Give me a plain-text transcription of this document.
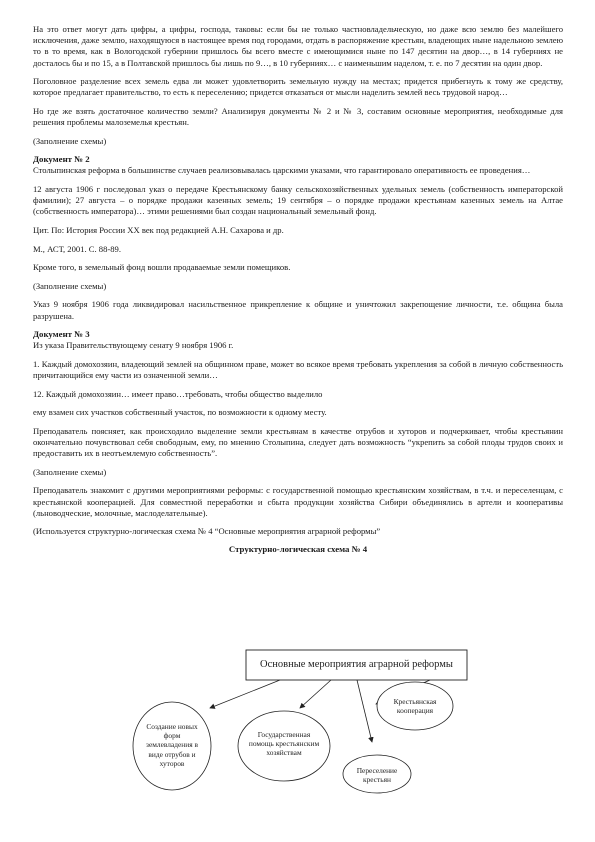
На это ответ могут дать цифры, а цифры, господа, таковы: если бы не только частновладельческую, но даже всю землю без малейшего исключения, даже землю, находящуюся в настоящее время под городами, отдать в распоряжение крестьян, владеющих ныне надельною землею то в то время, как в Вологодской губернии пришлось бы всего вместе с имеющимися ныне по 147 десятин на двор…, в 14 губерниях не досталось бы и по 15, а в Полтавской пришлось бы лишь по 9…, в 10 губерниях… с наименьшим наделом, т. е. по 7 десятин на один двор.

Поголовное разделение всех земель едва ли может удовлетворить земельную нужду на местах; придется прибегнуть к тому же средству, которое предлагает правительство, то есть к переселению; придется отказаться от мысли наделить землей весь трудовой народ…

Но где же взять достаточное количество земли? Анализируя документы № 2 и № 3, составим основные мероприятия, необходимые для решения проблемы малоземелья крестьян.

(Заполнение схемы)

Документ № 2

Столыпинская реформа в большинстве случаев реализовывалась царскими указами, что гарантировало оперативность ее проведения…

12 августа 1906 г последовал указ о передаче Крестьянскому банку сельскохозяйственных удельных земель (собственность императорской фамилии); 27 августа – о порядке продажи казенных земель; 19 сентября – о порядке продажи крестьянам казенных земель на Алтае (собственность императора)… этими решениями был создан национальный земельный фонд.

Цит. По: История России XX век под редакцией А.Н. Сахарова и др.

М., АСТ, 2001. С. 88-89.

Кроме того, в земельный фонд вошли продаваемые земли помещиков.

(Заполнение схемы)

Указ 9 ноября 1906 года ликвидировал насильственное прикрепление к общине и уничтожил закрепощение личности, т.е. община была разрушена.

Документ № 3

Из указа Правительствующему сенату 9 ноября 1906 г.

1. Каждый домохозяин, владеющий землей на общинном праве, может во всякое время требовать укрепления за собой в личную собственность причитающийся ему части из означенной земли…

12. Каждый домохозяин… имеет право…требовать, чтобы общество выделило

ему взамен сих участков собственный участок, по возможности к одному месту.

Преподаватель поясняет, как происходило выделение земли крестьянам в качестве отрубов и хуторов и подчеркивает, чтобы крестьянин окончательно почувствовал себя свободным, ему, по мнению Столыпина, следует дать возможность “укрепить за собой плоды трудов своих и предоставить их в неотъемлемую собственность”.

(Заполнение схемы)

Преподаватель знакомит с другими мероприятиями реформы: с государственной помощью крестьянским хозяйствам, в т.ч. и переселенцам, с крестьянской кооперацией. Для совместной переработки и сбыта продукции хозяйства Сибири объединялись в артели и кооперативы (льноводческие, молочные, маслоделательные).

(Используется структурно-логическая схема № 4 “Основные мероприятия аграрной реформы”

Структурно-логическая схема № 4

Основные мероприятия аграрной реформы
Создание новых форм землевладения в виде отрубов и хуторов
Государственная помощь крестьянским хозяйствам
Крестьянская кооперация
Переселение крестьян
